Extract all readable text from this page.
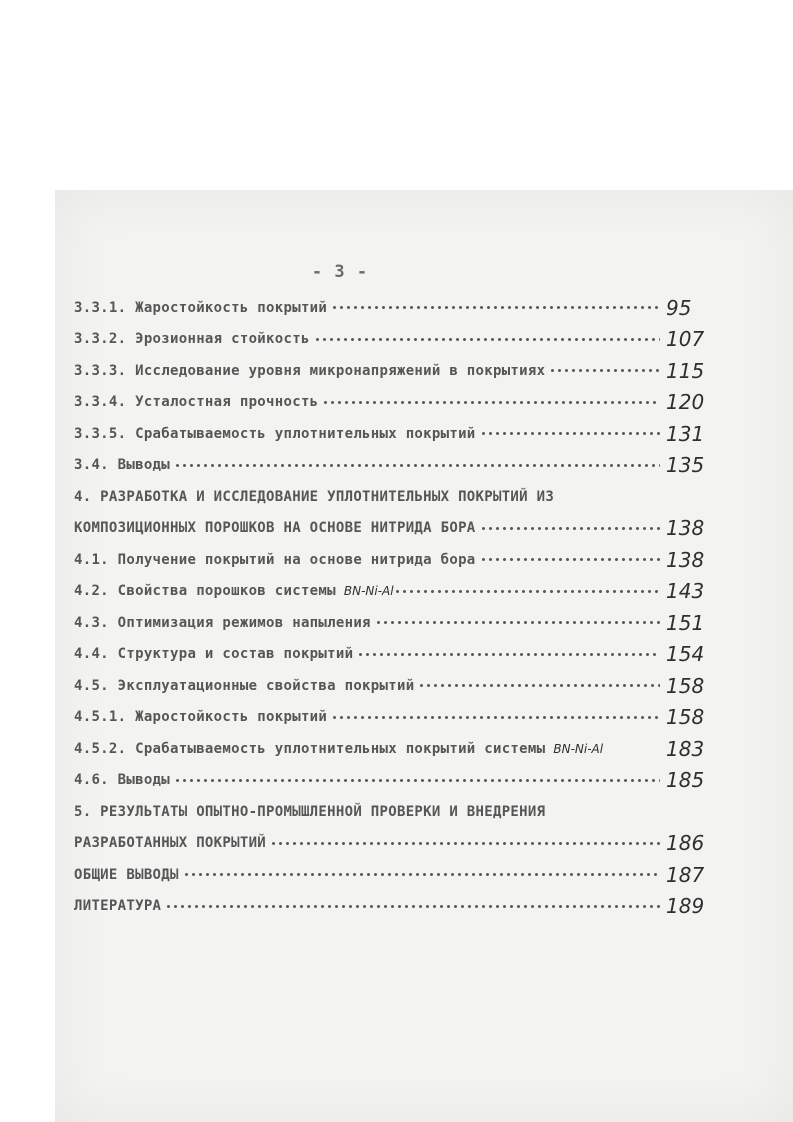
- 3 -
3.3.1. Жаростойкость покрытий	95
3.3.2. Эрозионная стойкость	107
3.3.3. Исследование уровня микронапряжений в покрытиях	115
3.3.4. Усталостная прочность	120
3.3.5. Срабатываемость уплотнительных покрытий	131
3.4. Выводы	135
4. РАЗРАБОТКА И ИССЛЕДОВАНИЕ УПЛОТНИТЕЛЬНЫХ ПОКРЫТИЙ ИЗ
КОМПОЗИЦИОННЫХ ПОРОШКОВ НА ОСНОВЕ НИТРИДА БОРА	138
4.1. Получение покрытий на основе нитрида бора	138
4.2. Свойства порошков системы BN-Ni-Al	143
4.3. Оптимизация режимов напыления	151
4.4. Структура и состав покрытий	154
4.5. Эксплуатационные свойства покрытий	158
4.5.1. Жаростойкость покрытий	158
4.5.2. Срабатываемость уплотнительных покрытий системы BN-Ni-Al	183
4.6. Выводы	185
5. РЕЗУЛЬТАТЫ ОПЫТНО-ПРОМЫШЛЕННОЙ ПРОВЕРКИ И ВНЕДРЕНИЯ
РАЗРАБОТАННЫХ ПОКРЫТИЙ	186
ОБЩИЕ ВЫВОДЫ	187
ЛИТЕРАТУРА	189
